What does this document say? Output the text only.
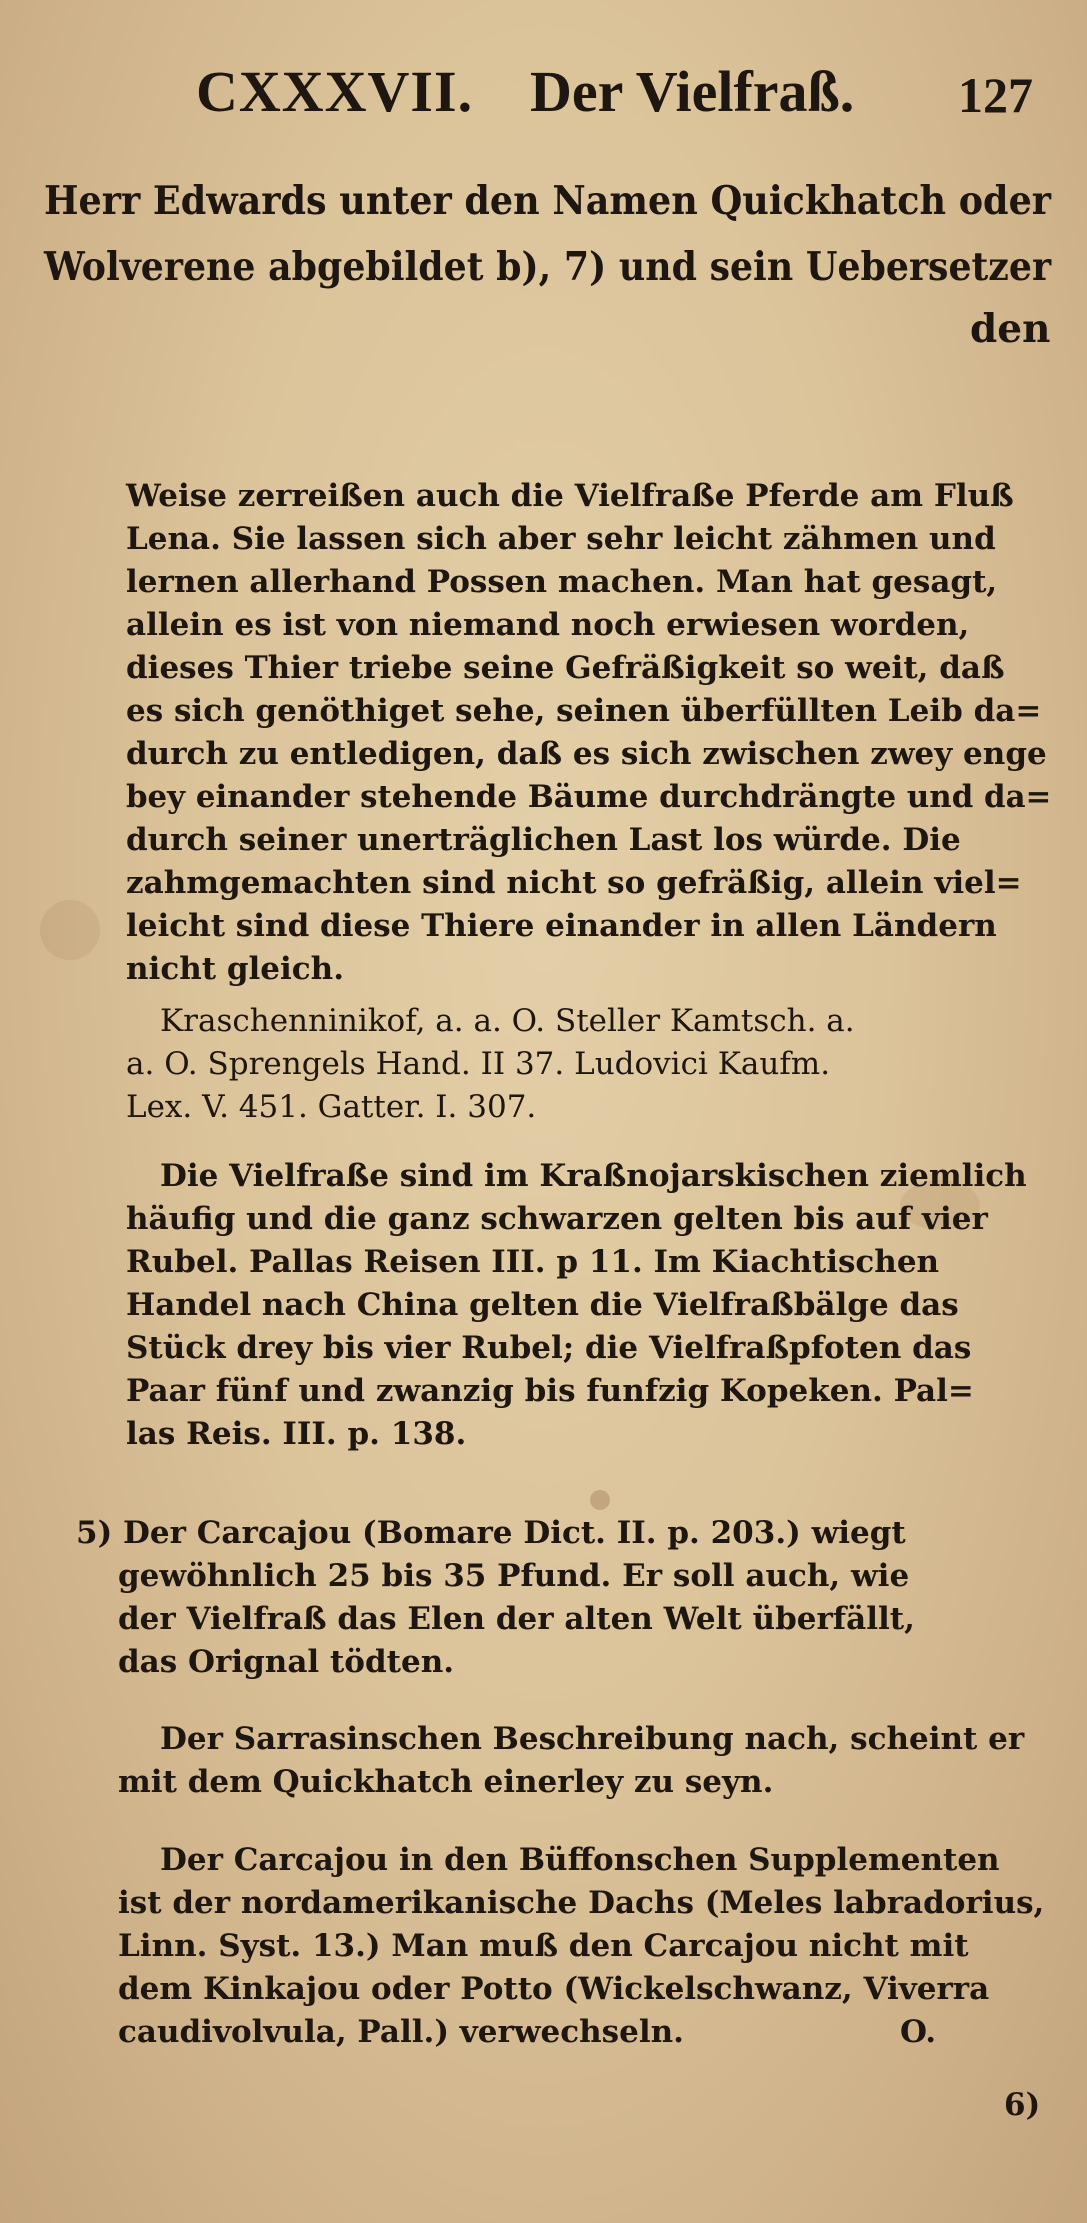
CXXXVII. Der Vielfraß. 127
Herr Edwards unter den Namen Quickhatch oder
Wolverene abgebildet b), 7) und sein Uebersetzer
den
Weise zerreißen auch die Vielfraße Pferde am Fluß
Lena. Sie lassen sich aber sehr leicht zähmen und
lernen allerhand Possen machen. Man hat gesagt,
allein es ist von niemand noch erwiesen worden,
dieses Thier triebe seine Gefräßigkeit so weit, daß
es sich genöthiget sehe, seinen überfüllten Leib da=
durch zu entledigen, daß es sich zwischen zwey enge
bey einander stehende Bäume durchdrängte und da=
durch seiner unerträglichen Last los würde. Die
zahmgemachten sind nicht so gefräßig, allein viel=
leicht sind diese Thiere einander in allen Ländern
nicht gleich.
Kraschenninikof, a. a. O. Steller Kamtsch. a.
a. O. Sprengels Hand. II 37. Ludovici Kaufm.
Lex. V. 451. Gatter. I. 307.
Die Vielfraße sind im Kraßnojarskischen ziemlich
häufig und die ganz schwarzen gelten bis auf vier
Rubel. Pallas Reisen III. p 11. Im Kiachtischen
Handel nach China gelten die Vielfraßbälge das
Stück drey bis vier Rubel; die Vielfraßpfoten das
Paar fünf und zwanzig bis funfzig Kopeken. Pal=
las Reis. III. p. 138.
5) Der Carcajou (Bomare Dict. II. p. 203.) wiegt
gewöhnlich 25 bis 35 Pfund. Er soll auch, wie
der Vielfraß das Elen der alten Welt überfällt,
das Orignal tödten.
Der Sarrasinschen Beschreibung nach, scheint er
mit dem Quickhatch einerley zu seyn.
Der Carcajou in den Büffonschen Supplementen
ist der nordamerikanische Dachs (Meles labradorius,
Linn. Syst. 13.) Man muß den Carcajou nicht mit
dem Kinkajou oder Potto (Wickelschwanz, Viverra
caudivolvula, Pall.) verwechseln.	O.
6)
